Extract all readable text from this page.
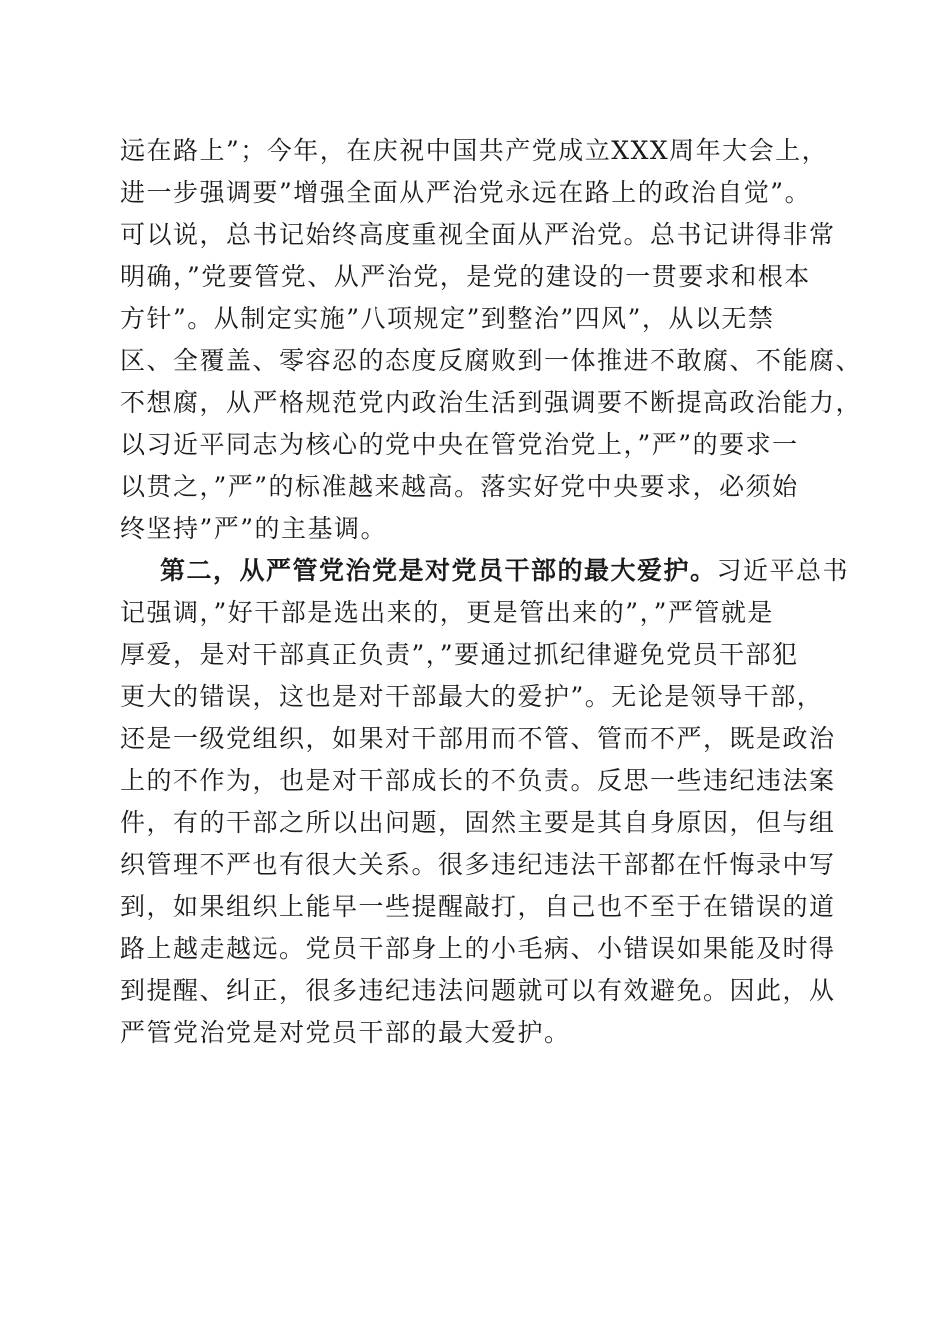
远在路上”；今年，在庆祝中国共产党成立XXX周年大会上，
进一步强调要”增强全面从严治党永远在路上的政治自觉”。
可以说，总书记始终高度重视全面从严治党。总书记讲得非常
明确，”党要管党、从严治党，是党的建设的一贯要求和根本
方针”。从制定实施”八项规定”到整治”四风”，从以无禁
区、全覆盖、零容忍的态度反腐败到一体推进不敢腐、不能腐、
不想腐，从严格规范党内政治生活到强调要不断提高政治能力，
以习近平同志为核心的党中央在管党治党上，”严”的要求一
以贯之，”严”的标准越来越高。落实好党中央要求，必须始
终坚持”严”的主基调。
第二，从严管党治党是对党员干部的最大爱护。习近平总书
记强调，”好干部是选出来的，更是管出来的”，”严管就是
厚爱，是对干部真正负责”，”要通过抓纪律避免党员干部犯
更大的错误，这也是对干部最大的爱护”。无论是领导干部，
还是一级党组织，如果对干部用而不管、管而不严，既是政治
上的不作为，也是对干部成长的不负责。反思一些违纪违法案
件，有的干部之所以出问题，固然主要是其自身原因，但与组
织管理不严也有很大关系。很多违纪违法干部都在忏悔录中写
到，如果组织上能早一些提醒敲打，自己也不至于在错误的道
路上越走越远。党员干部身上的小毛病、小错误如果能及时得
到提醒、纠正，很多违纪违法问题就可以有效避免。因此，从
严管党治党是对党员干部的最大爱护。
